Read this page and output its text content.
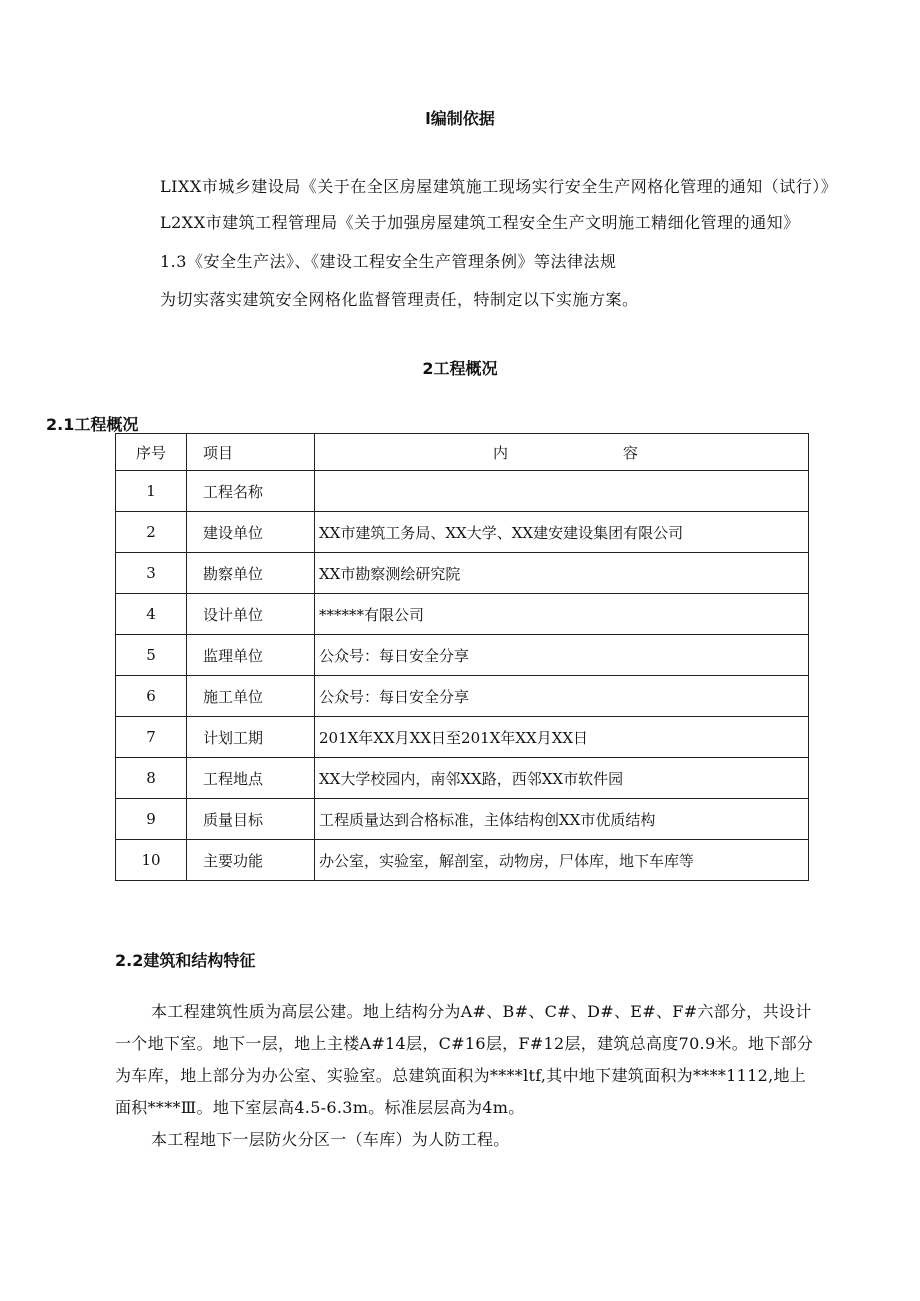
l编制依据
LIXX市城乡建设局《关于在全区房屋建筑施工现场实行安全生产网格化管理的通知（试行）》
L2XX市建筑工程管理局《关于加强房屋建筑工程安全生产文明施工精细化管理的通知》
1.3《安全生产法》、《建设工程安全生产管理条例》等法律法规
为切实落实建筑安全网格化监督管理责任，特制定以下实施方案。
2工程概况
2.1工程概况
序号	项目	内 容

1	工程名称	
2	建设单位	XX市建筑工务局、XX大学、XX建安建设集团有限公司
3	勘察单位	XX市勘察测绘研究院
4	设计单位	******有限公司
5	监理单位	公众号：每日安全分享
6	施工单位	公众号：每日安全分享
7	计划工期	201X年XX月XX日至201X年XX月XX日
8	工程地点	XX大学校园内，南邻XX路，西邻XX市软件园
9	质量目标	工程质量达到合格标准，主体结构创XX市优质结构
10	主要功能	办公室，实验室，解剖室，动物房，尸体库，地下车库等
2.2建筑和结构特征

本工程建筑性质为高层公建。地上结构分为A#、B#、C#、D#、E#、F#六部分，共设计一个地下室。地下一层，地上主楼A#14层，C#16层，F#12层，建筑总高度70.9米。地下部分为车库，地上部分为办公室、实验室。总建筑面积为****ltf,其中地下建筑面积为****1112,地上面积****Ⅲ。地下室层高4.5-6.3m。标准层层高为4m。

本工程地下一层防火分区一（车库）为人防工程。
